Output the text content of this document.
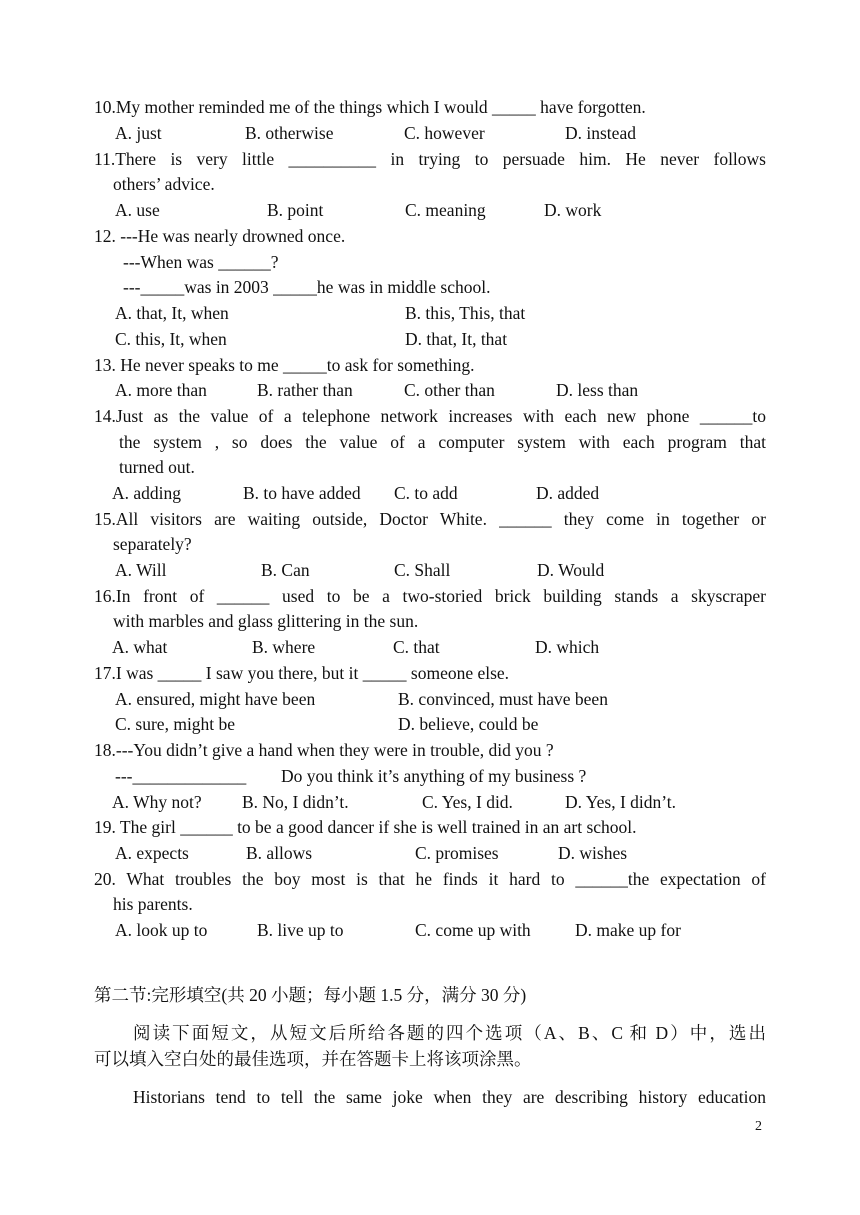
10.My mother reminded me of the things which I would _____ have forgotten.
A. just	B. otherwise	C. however	D. instead
11.There is very little __________ in trying to persuade him. He never follows
others’ advice.
A. use	B. point	C. meaning	D. work
12. ---He was nearly drowned once.
---When was ______?
---_____was in 2003 _____he was in middle school.
A. that, It, when	B. this, This, that
C. this, It, when	D. that, It, that
13. He never speaks to me _____to ask for something.
A. more than	B. rather than	C. other than	D. less than
14.Just as the value of a telephone network increases with each new phone ______to
the system , so does the value of a computer system with each program that
turned out.
A. adding	B. to have added C. to add	D. added
15.All visitors are waiting outside, Doctor White. ______ they come in together or
separately?
A. Will	B. Can	C. Shall	D. Would
16.In front of ______ used to be a two-storied brick building stands a skyscraper
with marbles and glass glittering in the sun.
A. what	B. where	C. that	D. which
17.I was _____ I saw you there, but it _____ someone else.
A. ensured, might have been	B. convinced, must have been
C. sure, might be	D. believe, could be
18.---You didn’t give a hand when they were in trouble, did you ?
---_____________ Do you think it’s anything of my business ?
A. Why not? B. No, I didn’t.	C. Yes, I did.	D. Yes, I didn’t.
19. The girl ______ to be a good dancer if she is well trained in an art school.
A. expects	B. allows	C. promises	D. wishes
20. What troubles the boy most is that he finds it hard to ______the expectation of
his parents.
A. look up to	B. live up to	C. come up with	D. make up for
第二节:完形填空(共 20 小题；每小题 1.5 分，满分 30 分)
阅读下面短文，从短文后所给各题的四个选项（A、B、C 和 D）中，选出
可以填入空白处的最佳选项，并在答题卡上将该项涂黑。
Historians tend to tell the same joke when they are describing history education
2
